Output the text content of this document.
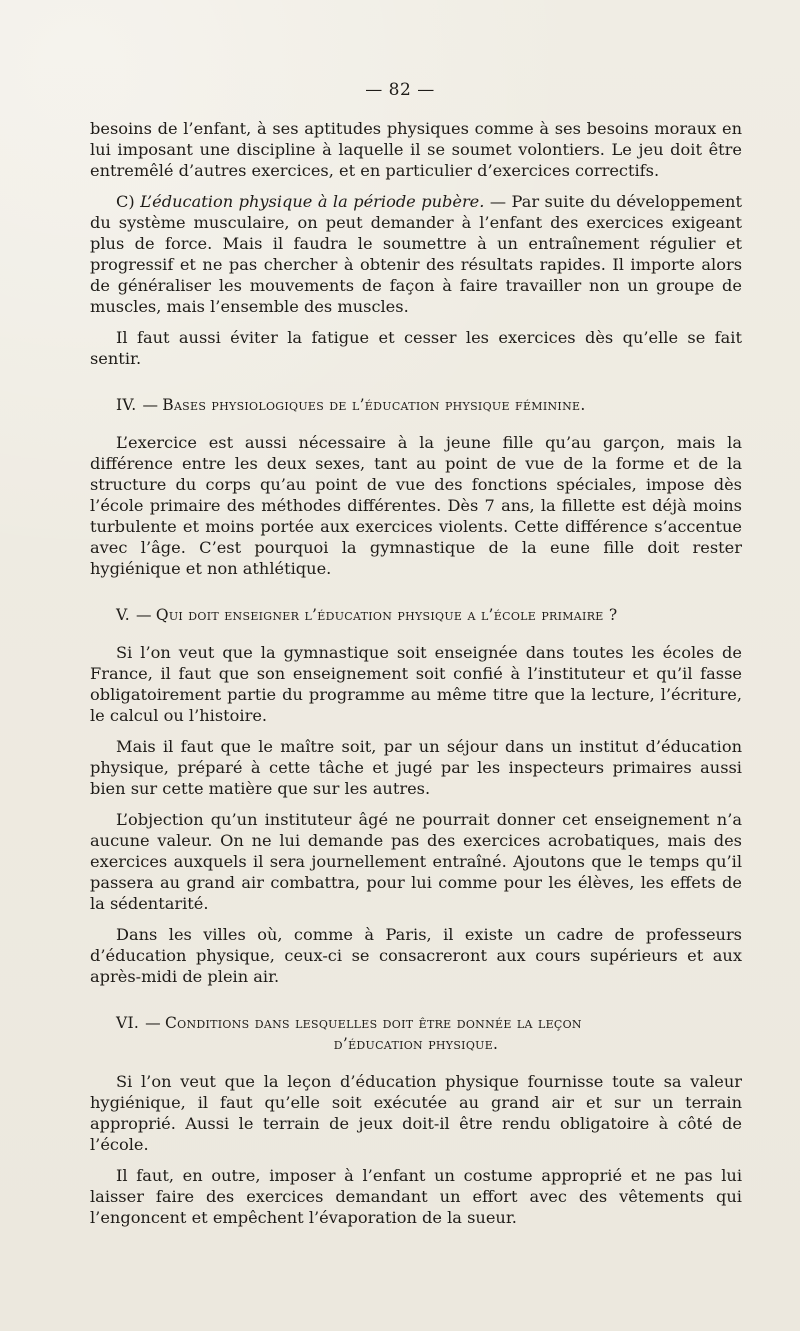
— 82 —

besoins de l’enfant, à ses aptitudes physiques comme à ses besoins moraux en lui imposant une discipline à laquelle il se soumet volontiers. Le jeu doit être entremêlé d’autres exercices, et en particulier d’exercices correctifs.

C) L’éducation physique à la période pubère. — Par suite du développement du système musculaire, on peut demander à l’enfant des exercices exigeant plus de force. Mais il faudra le soumettre à un entraînement régulier et progressif et ne pas chercher à obtenir des résultats rapides. Il importe alors de généraliser les mouvements de façon à faire travailler non un groupe de muscles, mais l’ensemble des muscles.

Il faut aussi éviter la fatigue et cesser les exercices dès qu’elle se fait sentir.

IV. — Bases physiologiques de l’éducation physique féminine.

L’exercice est aussi nécessaire à la jeune fille qu’au garçon, mais la différence entre les deux sexes, tant au point de vue de la forme et de la structure du corps qu’au point de vue des fonctions spéciales, impose dès l’école primaire des méthodes différentes. Dès 7 ans, la fillette est déjà moins turbulente et moins portée aux exercices violents. Cette différence s’accentue avec l’âge. C’est pourquoi la gymnastique de la eune fille doit rester hygiénique et non athlétique.

V. — Qui doit enseigner l’éducation physique a l’école primaire ?

Si l’on veut que la gymnastique soit enseignée dans toutes les écoles de France, il faut que son enseignement soit confié à l’instituteur et qu’il fasse obligatoirement partie du programme au même titre que la lecture, l’écriture, le calcul ou l’histoire.

Mais il faut que le maître soit, par un séjour dans un institut d’éducation physique, préparé à cette tâche et jugé par les inspecteurs primaires aussi bien sur cette matière que sur les autres.

L’objection qu’un instituteur âgé ne pourrait donner cet enseignement n’a aucune valeur. On ne lui demande pas des exercices acrobatiques, mais des exercices auxquels il sera journellement entraîné. Ajoutons que le temps qu’il passera au grand air combattra, pour lui comme pour les élèves, les effets de la sédentarité.

Dans les villes où, comme à Paris, il existe un cadre de professeurs d’éducation physique, ceux-ci se consacreront aux cours supérieurs et aux après-midi de plein air.

VI. — Conditions dans lesquelles doit être donnée la leçon

d’éducation physique.

Si l’on veut que la leçon d’éducation physique fournisse toute sa valeur hygiénique, il faut qu’elle soit exécutée au grand air et sur un terrain approprié. Aussi le terrain de jeux doit-il être rendu obligatoire à côté de l’école.

Il faut, en outre, imposer à l’enfant un costume approprié et ne pas lui laisser faire des exercices demandant un effort avec des vêtements qui l’engoncent et empêchent l’évaporation de la sueur.
